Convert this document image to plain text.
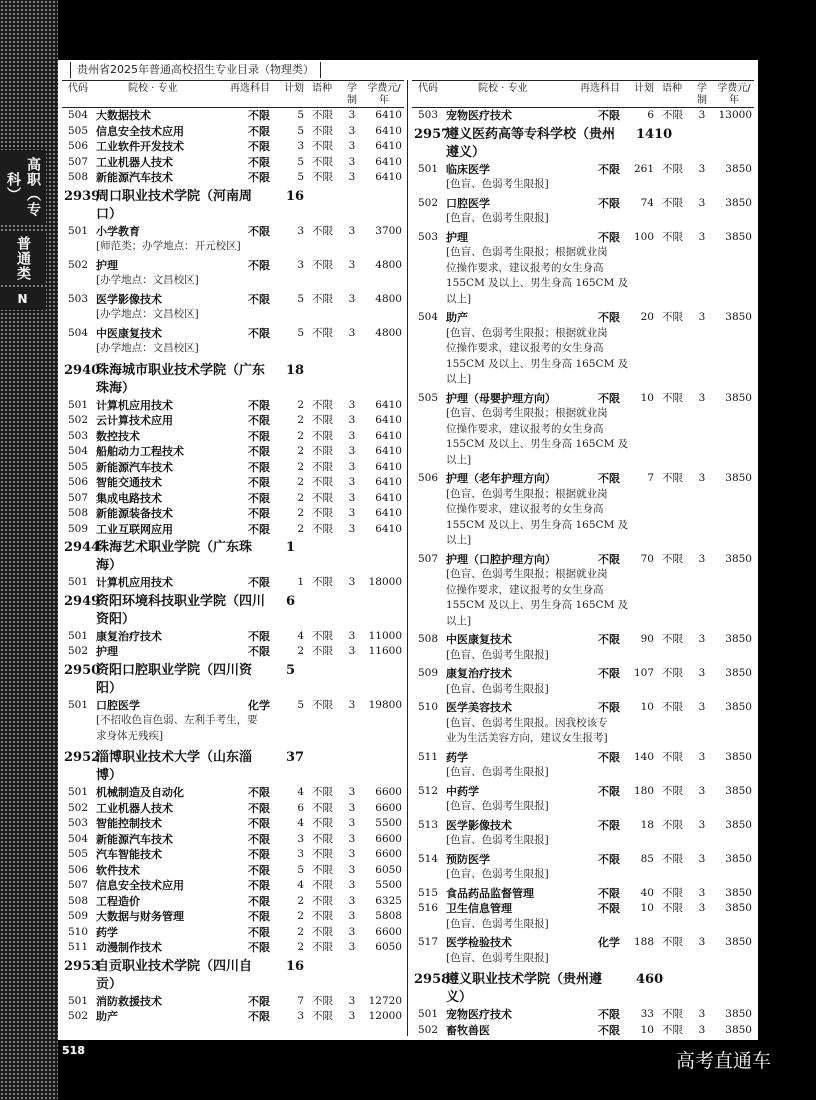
高职（专科）
普通类
N
贵州省2025年普通高校招生专业目录（物理类）
代码	院校 · 专业	再选科目 计划 语种 学制
学费元/年
504 大数据技术	不限	5 不限 3	6410
505 信息安全技术应用	不限	5 不限 3	6410
506 工业软件开发技术	不限	3 不限 3	6410
507 工业机器人技术	不限	5 不限 3	6410
508 新能源汽车技术	不限	5 不限 3	6410
2939
周口职业技术学院（河南周	16
口）
501 小学教育	不限	3 不限 3	3700
[师范类；办学地点：开元校区]
502 护理	不限	3 不限 3	4800
[办学地点：文昌校区]
503 医学影像技术	不限	5 不限 3	4800
[办学地点：文昌校区]
504 中医康复技术	不限	5 不限 3	4800
[办学地点：文昌校区]
2940
珠海城市职业技术学院（广东 18
珠海）
501 计算机应用技术	不限	2 不限 3	6410
502 云计算技术应用	不限	2 不限 3	6410
503 数控技术	不限	2 不限 3	6410
504 船舶动力工程技术	不限	2 不限 3	6410
505 新能源汽车技术	不限	2 不限 3	6410
506 智能交通技术	不限	2 不限 3	6410
507 集成电路技术	不限	2 不限 3	6410
508 新能源装备技术	不限	2 不限 3	6410
509 工业互联网应用	不限	2 不限 3	6410
2944
珠海艺术职业学院（广东珠	1
海）
501 计算机应用技术	不限	1 不限 3	18000
2949
资阳环境科技职业学院（四川 6
资阳）
501 康复治疗技术	不限	4 不限 3	11000
502 护理	不限	2 不限 3	11600
2950
资阳口腔职业学院（四川资	5
阳）
501 口腔医学	化学	5 不限 3	19800
[不招收色盲色弱、左利手考生，要
求身体无残疾]
2952
淄博职业技术大学（山东淄	37
博）
501 机械制造及自动化	不限	4 不限 3	6600
502 工业机器人技术	不限	6 不限 3	6600
503 智能控制技术	不限	4 不限 3	5500
504 新能源汽车技术	不限	3 不限 3	6600
505 汽车智能技术	不限	3 不限 3	6600
506 软件技术	不限	5 不限 3	6050
507 信息安全技术应用	不限	4 不限 3	5500
508 工程造价	不限	2 不限 3	6325
509 大数据与财务管理	不限	2 不限 3	5808
510 药学	不限	2 不限 3	6600
511 动漫制作技术	不限	2 不限 3	6050
2953
自贡职业技术学院（四川自	16
贡）
501 消防救援技术	不限	7 不限 3	12720
502 助产	不限	3 不限 3	12000
代码	院校 · 专业	再选科目 计划 语种 学制
学费元/年
503 宠物医疗技术	不限	6 不限 3	13000
2957
遵义医药高等专科学校（贵州 1410
遵义）
501 临床医学	不限 261 不限 3	3850
[色盲、色弱考生限报]
502 口腔医学	不限	74 不限 3	3850
[色盲、色弱考生限报]
503 护理	不限 100 不限 3	3850
[色盲、色弱考生限报；根据就业岗
位操作要求，建议报考的女生身高
155CM 及以上、男生身高 165CM 及
以上]
504 助产	不限	20 不限 3	3850
[色盲、色弱考生限报；根据就业岗
位操作要求，建议报考的女生身高
155CM 及以上、男生身高 165CM 及
以上]
505 护理（母婴护理方向）	不限	10 不限 3	3850
[色盲、色弱考生限报；根据就业岗
位操作要求，建议报考的女生身高
155CM 及以上、男生身高 165CM 及
以上]
506 护理（老年护理方向）	不限	7 不限 3	3850
[色盲、色弱考生限报；根据就业岗
位操作要求，建议报考的女生身高
155CM 及以上、男生身高 165CM 及
以上]
507 护理（口腔护理方向）	不限	70 不限 3	3850
[色盲、色弱考生限报；根据就业岗
位操作要求，建议报考的女生身高
155CM 及以上、男生身高 165CM 及
以上]
508 中医康复技术	不限	90 不限 3	3850
[色盲、色弱考生限报]
509 康复治疗技术	不限 107 不限 3	3850
[色盲、色弱考生限报]
510 医学美容技术	不限	10 不限 3	3850
[色盲、色弱考生限报。因我校该专
业为生活美容方向，建议女生报考]
511 药学	不限 140 不限 3	3850
[色盲、色弱考生限报]
512 中药学	不限 180 不限 3	3850
[色盲、色弱考生限报]
513 医学影像技术	不限	18 不限 3	3850
[色盲、色弱考生限报]
514 预防医学	不限	85 不限 3	3850
[色盲、色弱考生限报]
515 食品药品监督管理	不限	40 不限 3	3850
516 卫生信息管理	不限	10 不限 3	3850
[色盲、色弱考生限报]
517 医学检验技术	化学 188 不限 3	3850
[色盲、色弱考生限报]
2958
遵义职业技术学院（贵州遵	460
义）
501 宠物医疗技术	不限	33 不限 3	3850
502 畜牧兽医	不限	10 不限 3	3850
518	高考直通车
